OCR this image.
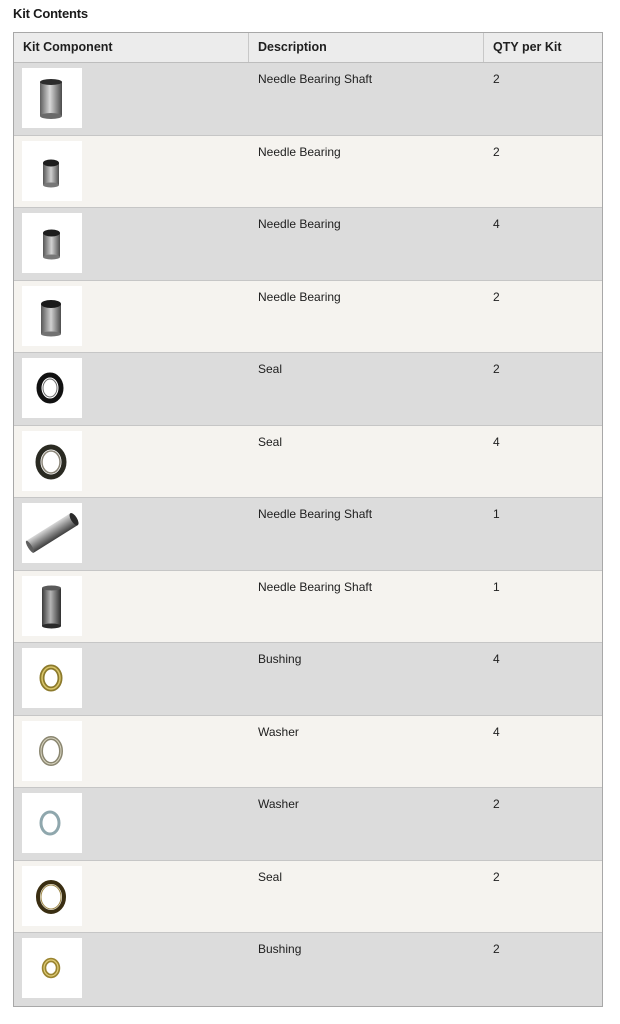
Kit Contents
Kit Component	Description	QTY per Kit
Needle Bearing Shaft	2
Needle Bearing	2
Needle Bearing	4
Needle Bearing	2
Seal	2
Seal	4
Needle Bearing Shaft	1
Needle Bearing Shaft	1
Bushing	4
Washer	4
Washer	2
Seal	2
Bushing	2
